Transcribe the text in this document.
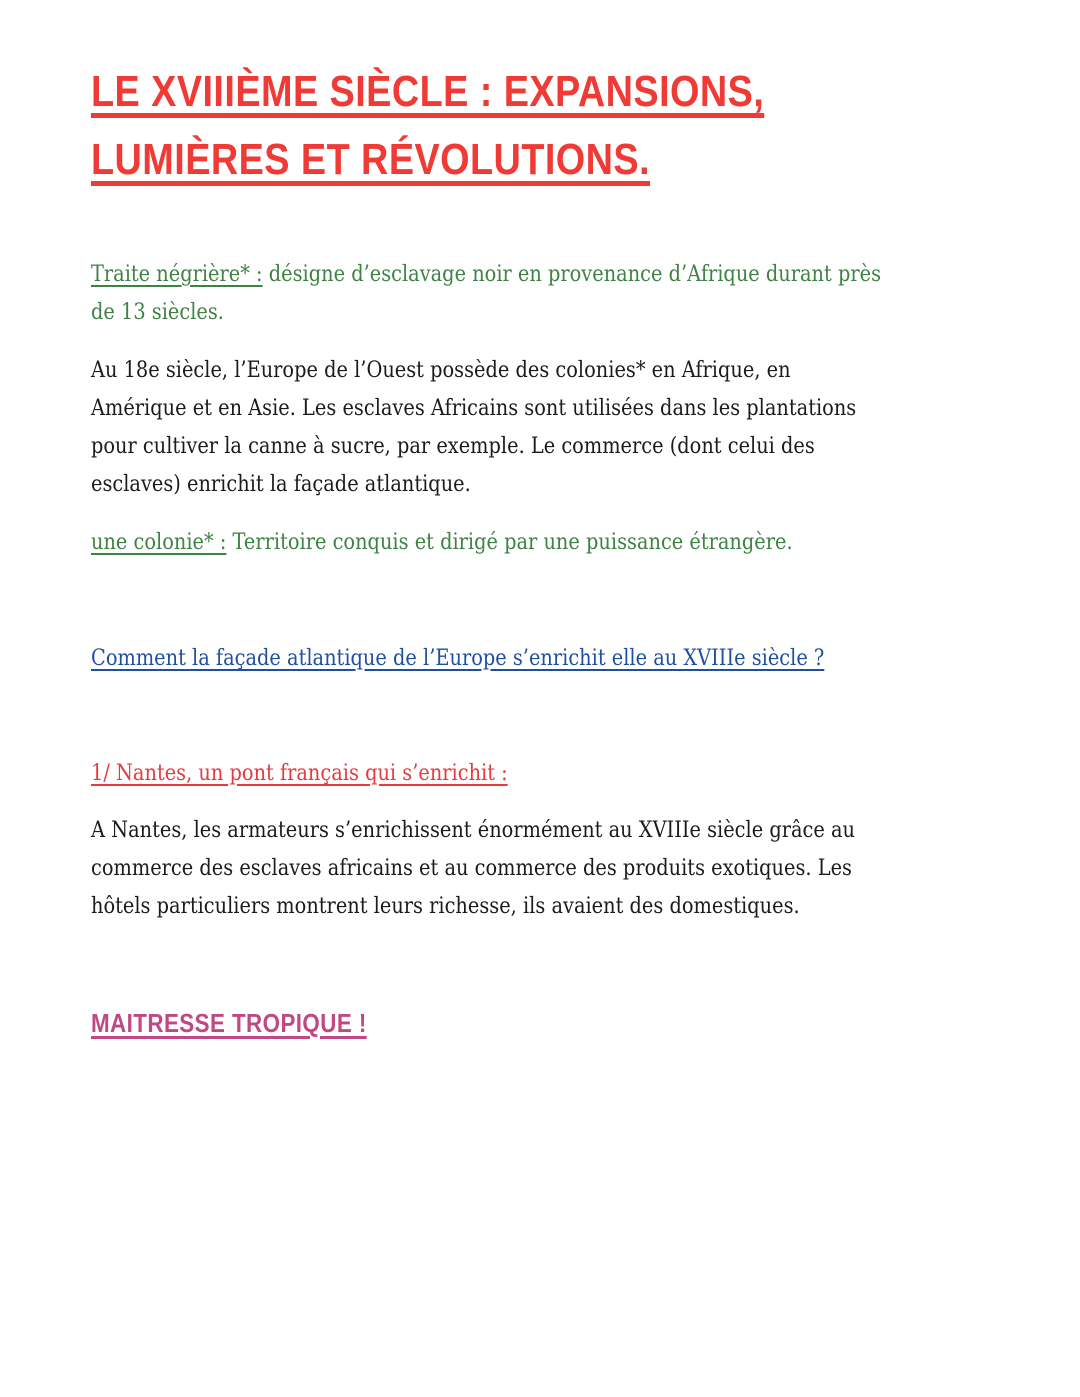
LE XVIIIÈME SIÈCLE : EXPANSIONS, LUMIÈRES ET RÉVOLUTIONS.
Traite négrière* : désigne d’esclavage noir en provenance d’Afrique durant près de 13 siècles.
Au 18e siècle, l’Europe de l’Ouest possède des colonies* en Afrique, en Amérique et en Asie. Les esclaves Africains sont utilisées dans les plantations pour cultiver la canne à sucre, par exemple. Le commerce (dont celui des esclaves) enrichit la façade atlantique.
une colonie* : Territoire conquis et dirigé par une puissance étrangère.
Comment la façade atlantique de l’Europe s’enrichit elle au XVIIIe siècle ?
1/ Nantes, un pont français qui s’enrichit :
A Nantes, les armateurs s’enrichissent énormément au XVIIIe siècle grâce au commerce des esclaves africains et au commerce des produits exotiques. Les hôtels particuliers montrent leurs richesse, ils avaient des domestiques.
MAITRESSE TROPIQUE !
